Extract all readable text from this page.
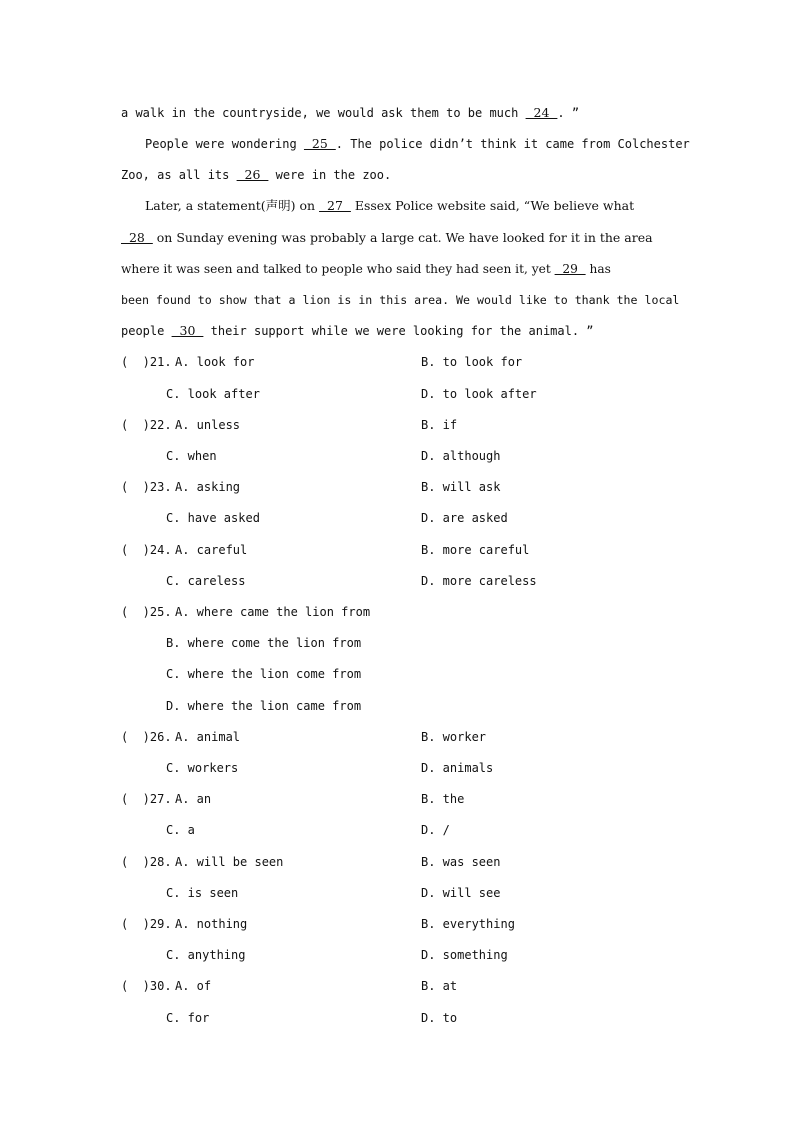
a walk in the countryside, we would ask them to be much   24  . ”
People were wondering   25  . The police didn’t think it came from Colchester
Zoo, as all its   26   were in the zoo.
Later, a statement(声明) on   27   Essex Police website said, “We believe what
28   on Sunday evening was probably a large cat. We have looked for it in the area
where it was seen and talked to people who said they had seen it, yet   29   has
been found to show that a lion is in this area. We would like to thank the local
people   30   their support while we were looking for the animal. ”
(  )21. A. look for	B. to look for
C. look after	D. to look after
(  )22. A. unless	B. if
C. when	D. although
(  )23. A. asking	B. will ask
C. have asked	D. are asked
(  )24. A. careful	B. more careful
C. careless	D. more careless
(  )25. A. where came the lion from
B. where come the lion from
C. where the lion come from
D. where the lion came from
(  )26. A. animal	B. worker
C. workers	D. animals
(  )27. A. an	B. the
C. a	D. /
(  )28. A. will be seen	B. was seen
C. is seen	D. will see
(  )29. A. nothing	B. everything
C. anything	D. something
(  )30. A. of	B. at
C. for	D. to
